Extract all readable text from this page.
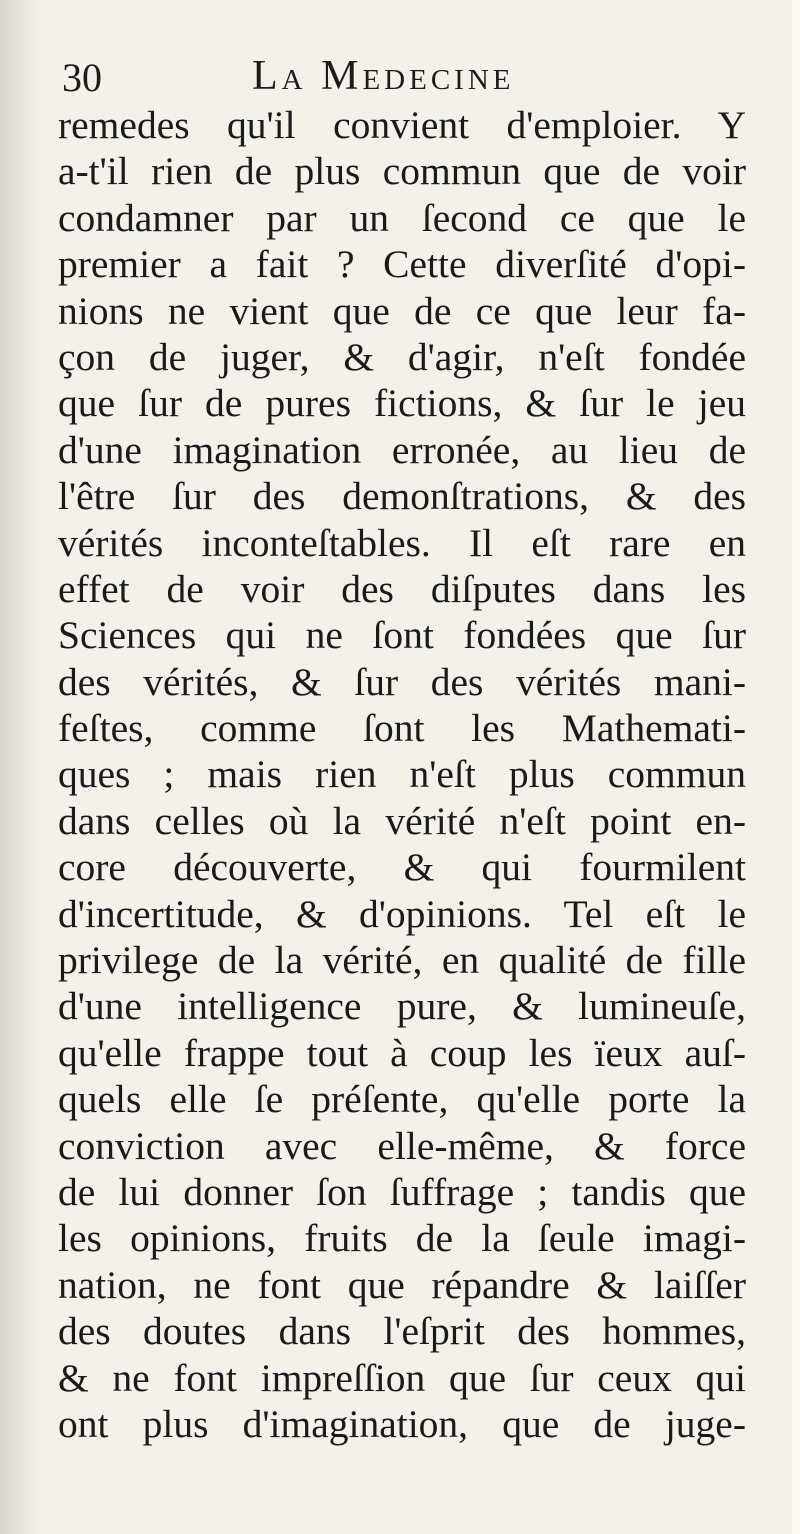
30	La Medecine
remedes qu'il convient d'emploier. Y
a-t'il rien de plus commun que de voir
condamner par un ſecond ce que le
premier a fait ? Cette diverſité d'opi-
nions ne vient que de ce que leur fa-
çon de juger, & d'agir, n'eſt fondée
que ſur de pures fictions, & ſur le jeu
d'une imagination erronée, au lieu de
l'être ſur des demonſtrations, & des
vérités inconteſtables. Il eſt rare en
effet de voir des diſputes dans les
Sciences qui ne ſont fondées que ſur
des vérités, & ſur des vérités mani-
feſtes, comme ſont les Mathemati-
ques ; mais rien n'eſt plus commun
dans celles où la vérité n'eſt point en-
core découverte, & qui fourmilent
d'incertitude, & d'opinions. Tel eſt le
privilege de la vérité, en qualité de fille
d'une intelligence pure, & lumineuſe,
qu'elle frappe tout à coup les ïeux auſ-
quels elle ſe préſente, qu'elle porte la
conviction avec elle-même, & force
de lui donner ſon ſuffrage ; tandis que
les opinions, fruits de la ſeule imagi-
nation, ne font que répandre & laiſſer
des doutes dans l'eſprit des hommes,
& ne font impreſſion que ſur ceux qui
ont plus d'imagination, que de juge-
